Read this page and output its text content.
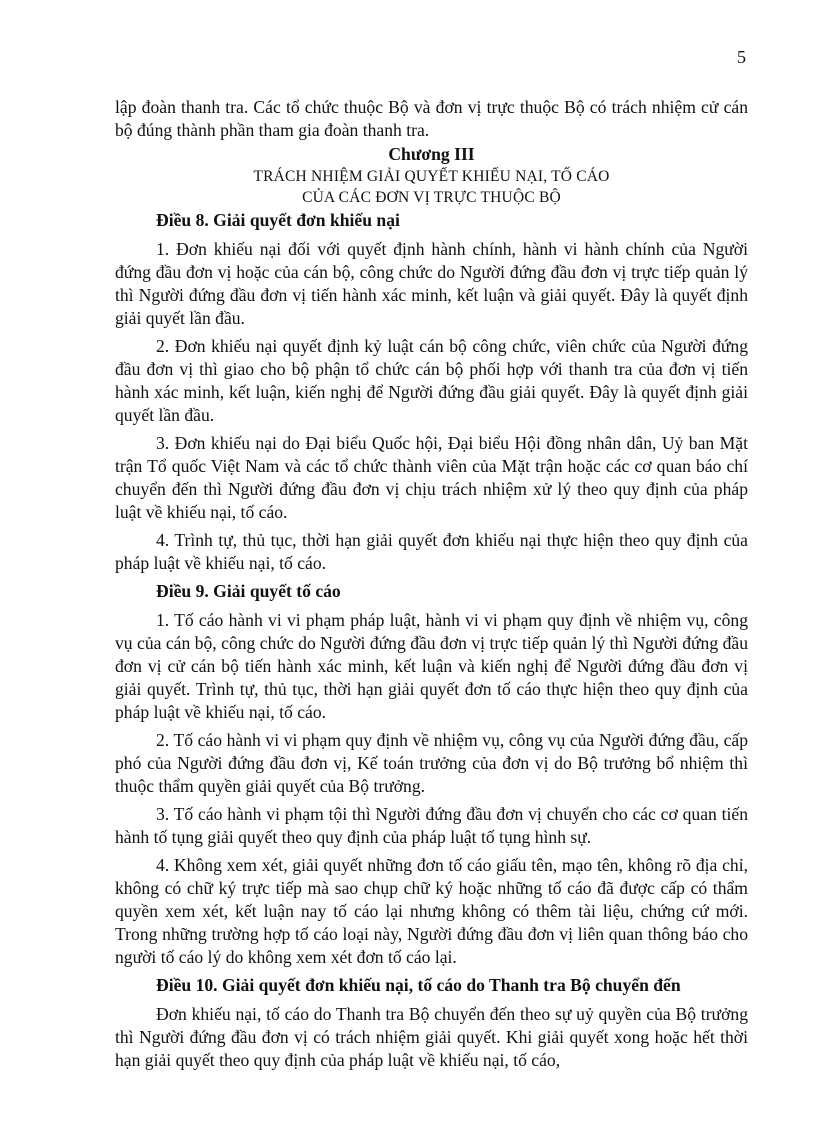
5

lập đoàn thanh tra. Các tổ chức thuộc Bộ và đơn vị trực thuộc Bộ có trách nhiệm cử cán bộ đúng thành phần tham gia đoàn thanh tra.

Chương III
TRÁCH NHIỆM GIẢI QUYẾT KHIẾU NẠI, TỐ CÁO
CỦA CÁC ĐƠN VỊ TRỰC THUỘC BỘ

Điều 8. Giải quyết đơn khiếu nại

1. Đơn khiếu nại đối với quyết định hành chính, hành vi hành chính của Người đứng đầu đơn vị hoặc của cán bộ, công chức do Người đứng đầu đơn vị trực tiếp quản lý thì Người đứng đầu đơn vị tiến hành xác minh, kết luận và giải quyết. Đây là quyết định giải quyết lần đầu.

2. Đơn khiếu nại quyết định kỷ luật cán bộ công chức, viên chức của Người đứng đầu đơn vị thì giao cho bộ phận tổ chức cán bộ phối hợp với thanh tra của đơn vị tiến hành xác minh, kết luận, kiến nghị để Người đứng đầu giải quyết. Đây là quyết định giải quyết lần đầu.

3. Đơn khiếu nại do Đại biểu Quốc hội, Đại biểu Hội đồng nhân dân, Uỷ ban Mặt trận Tổ quốc Việt Nam và các tổ chức thành viên của Mặt trận hoặc các cơ quan báo chí chuyển đến thì Người đứng đầu đơn vị chịu trách nhiệm xử lý theo quy định của pháp luật về khiếu nại, tố cáo.

4. Trình tự, thủ tục, thời hạn giải quyết đơn khiếu nại thực hiện theo quy định của pháp luật về khiếu nại, tố cáo.

Điều 9. Giải quyết tố cáo

1. Tố cáo hành vi vi phạm pháp luật, hành vi vi phạm quy định về nhiệm vụ, công vụ của cán bộ, công chức do Người đứng đầu đơn vị trực tiếp quản lý thì Người đứng đầu đơn vị cử cán bộ tiến hành xác minh, kết luận và kiến nghị để Người đứng đầu đơn vị giải quyết. Trình tự, thủ tục, thời hạn giải quyết đơn tố cáo thực hiện theo quy định của pháp luật về khiếu nại, tố cáo.

2. Tố cáo hành vi vi phạm quy định về nhiệm vụ, công vụ của Người đứng đầu, cấp phó của Người đứng đầu đơn vị, Kế toán trưởng của đơn vị do Bộ trưởng bổ nhiệm thì thuộc thẩm quyền giải quyết của Bộ trưởng.

3. Tố cáo hành vi phạm tội thì Người đứng đầu đơn vị chuyển cho các cơ quan tiến hành tố tụng giải quyết theo quy định của pháp luật tố tụng hình sự.

4. Không xem xét, giải quyết những đơn tố cáo giấu tên, mạo tên, không rõ địa chỉ, không có chữ ký trực tiếp mà sao chụp chữ ký hoặc những tố cáo đã được cấp có thẩm quyền xem xét, kết luận nay tố cáo lại nhưng không có thêm tài liệu, chứng cứ mới. Trong những trường hợp tố cáo loại này, Người đứng đầu đơn vị liên quan thông báo cho người tố cáo lý do không xem xét đơn tố cáo lại.

Điều 10. Giải quyết đơn khiếu nại, tố cáo do Thanh tra Bộ chuyển đến

Đơn khiếu nại, tố cáo do Thanh tra Bộ chuyển đến theo sự uỷ quyền của Bộ trưởng thì Người đứng đầu đơn vị có trách nhiệm giải quyết. Khi giải quyết xong hoặc hết thời hạn giải quyết theo quy định của pháp luật về khiếu nại, tố cáo,
